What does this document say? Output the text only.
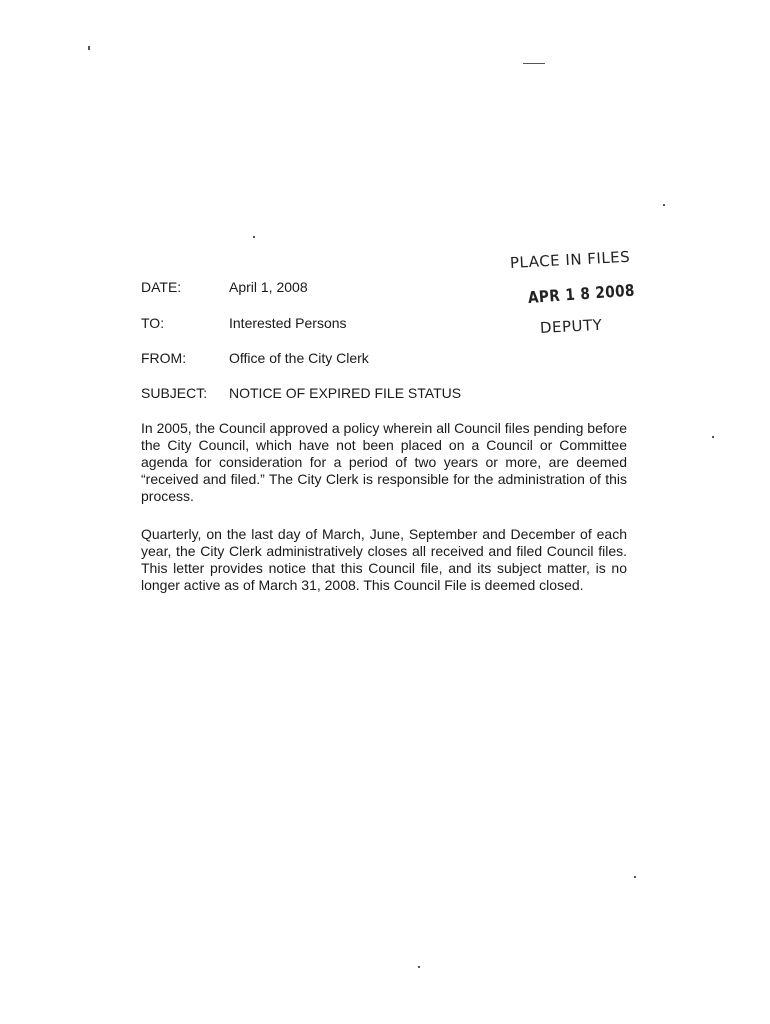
PLACE IN FILES
APR 1 8 2008
DEPUTY
DATE:	April 1, 2008
TO:	Interested Persons
FROM:	Office of the City Clerk
SUBJECT: NOTICE OF EXPIRED FILE STATUS

In 2005, the Council approved a policy wherein all Council files pending before the City Council, which have not been placed on a Council or Committee agenda for consideration for a period of two years or more, are deemed “received and filed.” The City Clerk is responsible for the administration of this process.

Quarterly, on the last day of March, June, September and December of each year, the City Clerk administratively closes all received and filed Council files. This letter provides notice that this Council file, and its subject matter, is no longer active as of March 31, 2008. This Council File is deemed closed.
